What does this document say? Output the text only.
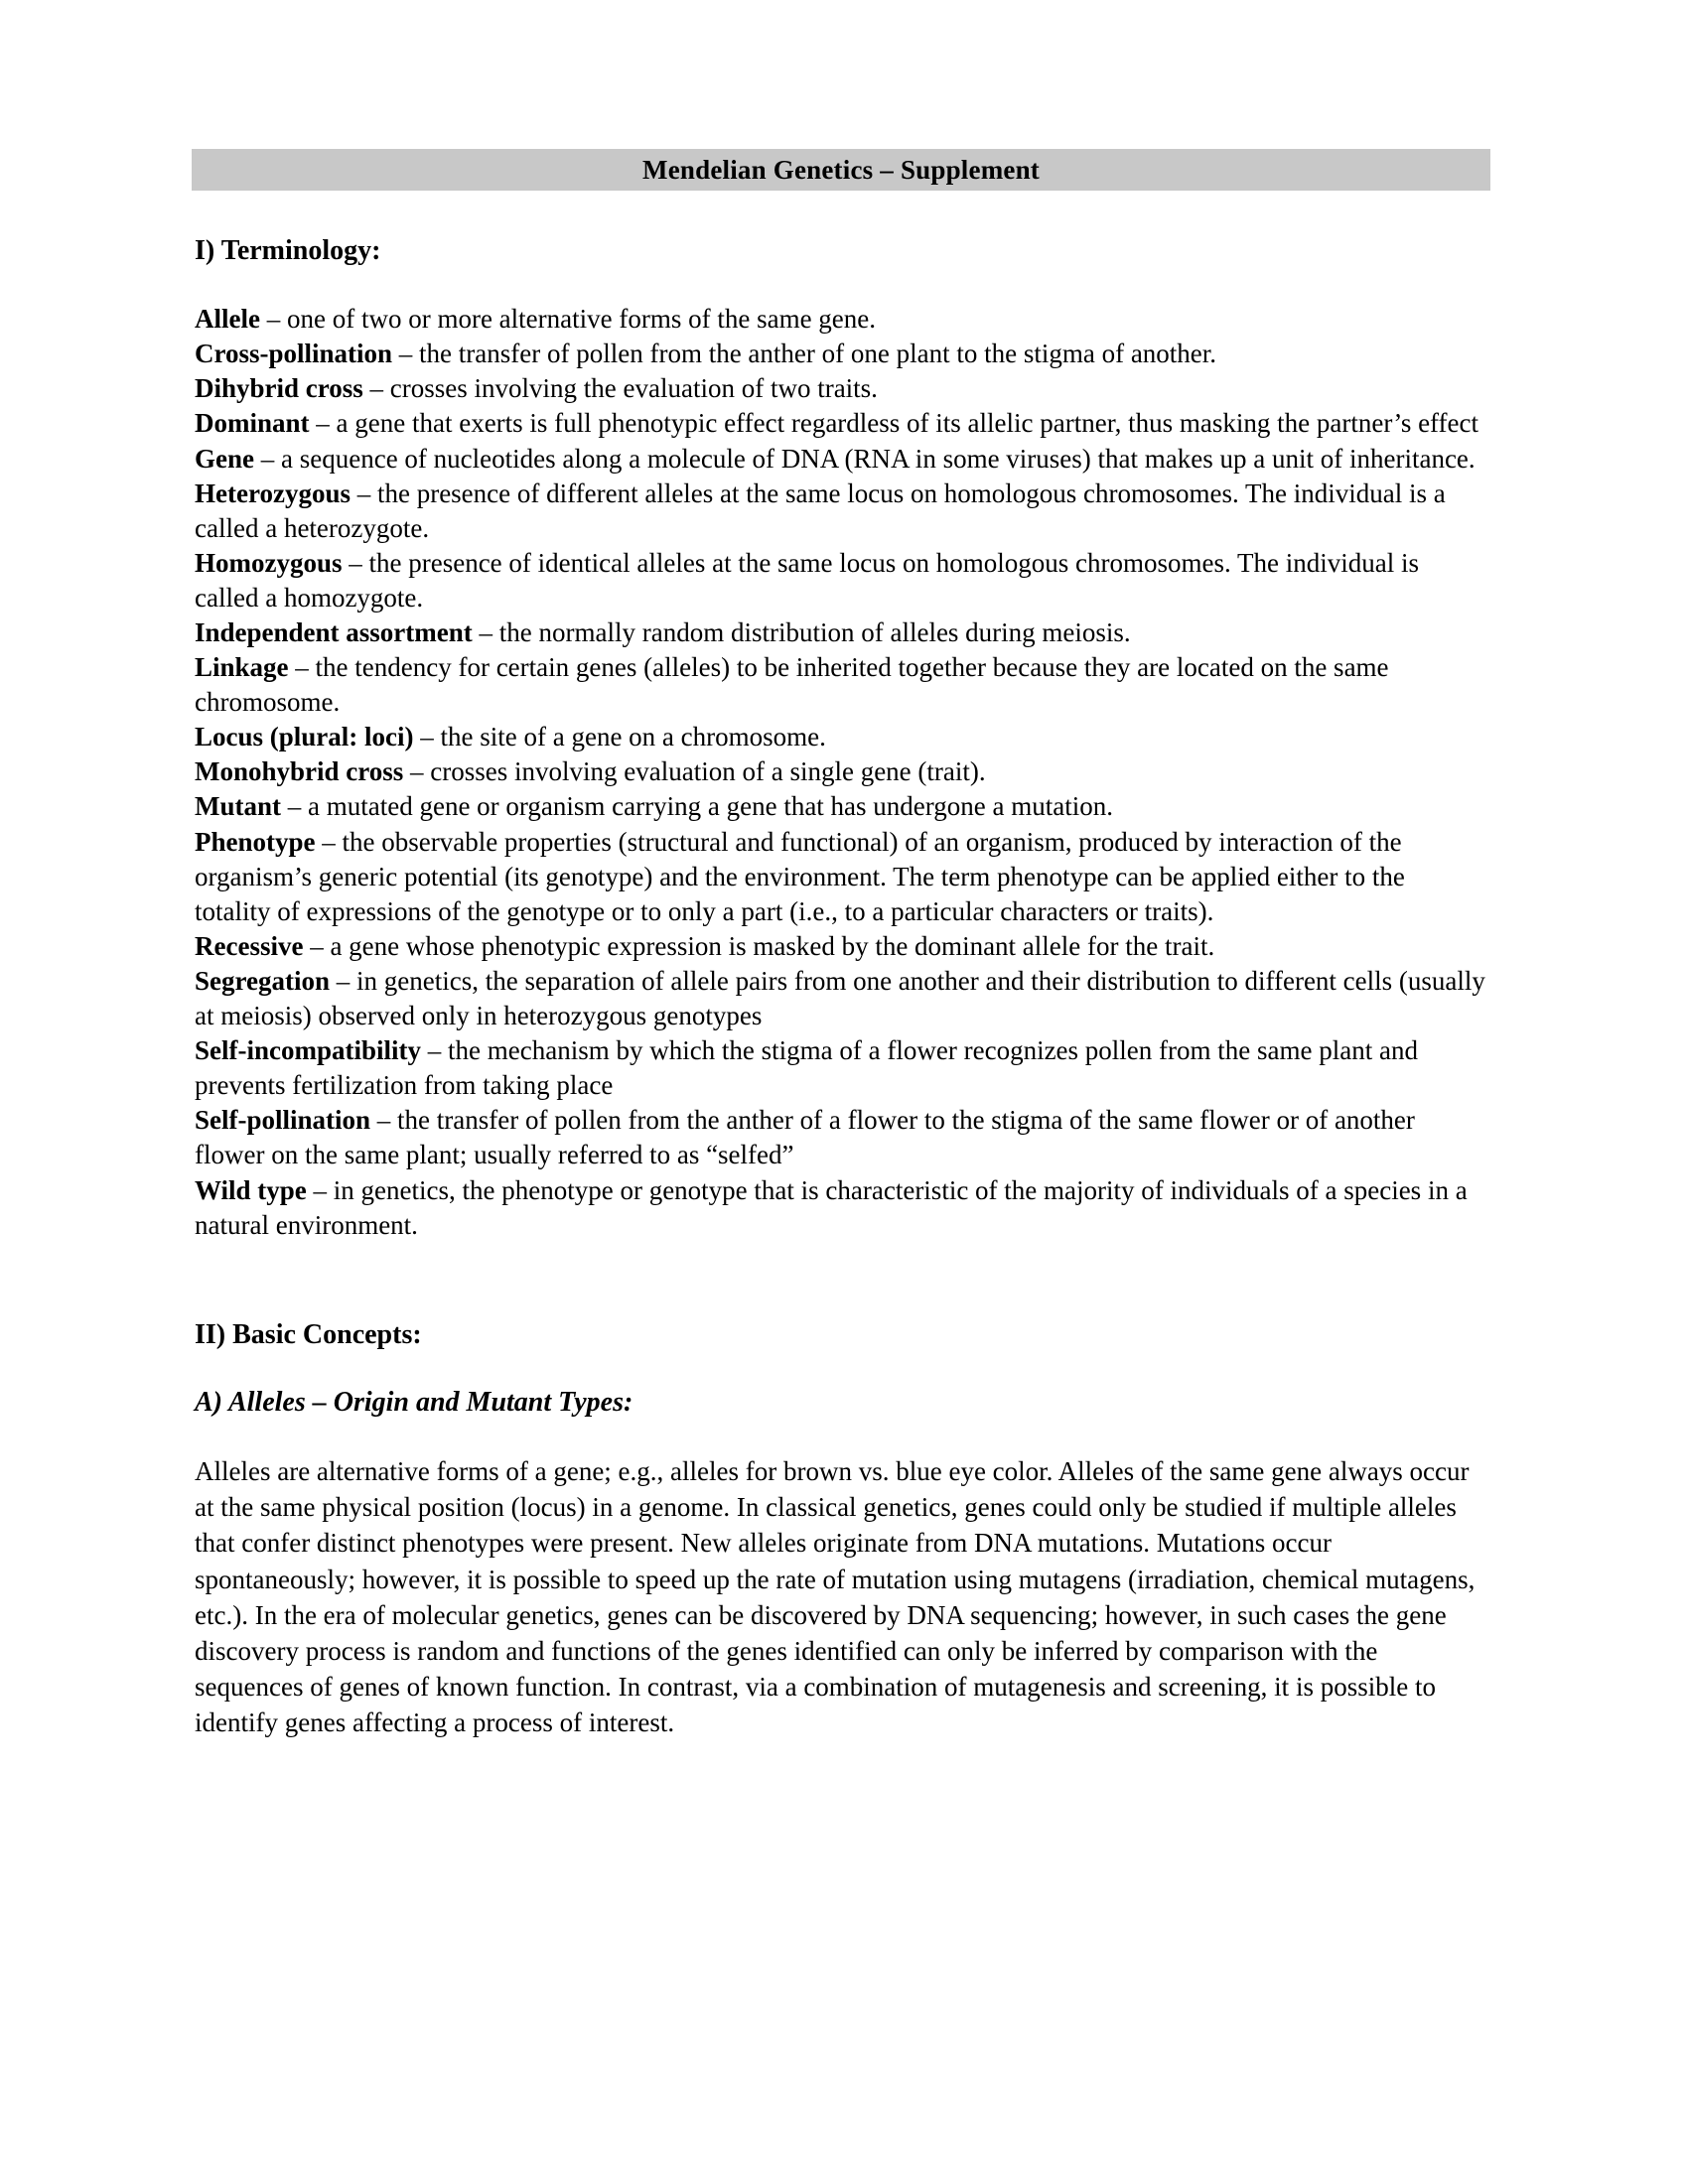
Mendelian Genetics – Supplement
I) Terminology:

Allele – one of two or more alternative forms of the same gene.

Cross-pollination – the transfer of pollen from the anther of one plant to the stigma of another.

Dihybrid cross – crosses involving the evaluation of two traits.

Dominant – a gene that exerts is full phenotypic effect regardless of its allelic partner, thus masking the partner’s effect

Gene – a sequence of nucleotides along a molecule of DNA (RNA in some viruses) that makes up a unit of inheritance.

Heterozygous – the presence of different alleles at the same locus on homologous chromosomes. The individual is a called a heterozygote.

Homozygous – the presence of identical alleles at the same locus on homologous chromosomes. The individual is called a homozygote.

Independent assortment – the normally random distribution of alleles during meiosis.

Linkage – the tendency for certain genes (alleles) to be inherited together because they are located on the same chromosome.

Locus (plural: loci) – the site of a gene on a chromosome.

Monohybrid cross – crosses involving evaluation of a single gene (trait).

Mutant – a mutated gene or organism carrying a gene that has undergone a mutation.

Phenotype – the observable properties (structural and functional) of an organism, produced by interaction of the organism’s generic potential (its genotype) and the environment. The term phenotype can be applied either to the totality of expressions of the genotype or to only a part (i.e., to a particular characters or traits).

Recessive – a gene whose phenotypic expression is masked by the dominant allele for the trait.

Segregation – in genetics, the separation of allele pairs from one another and their distribution to different cells (usually at meiosis) observed only in heterozygous genotypes

Self-incompatibility – the mechanism by which the stigma of a flower recognizes pollen from the same plant and prevents fertilization from taking place

Self-pollination – the transfer of pollen from the anther of a flower to the stigma of the same flower or of another flower on the same plant; usually referred to as “selfed”

Wild type – in genetics, the phenotype or genotype that is characteristic of the majority of individuals of a species in a natural environment.

II) Basic Concepts:
A) Alleles – Origin and Mutant Types:

Alleles are alternative forms of a gene; e.g., alleles for brown vs. blue eye color. Alleles of the same gene always occur at the same physical position (locus) in a genome. In classical genetics, genes could only be studied if multiple alleles that confer distinct phenotypes were present. New alleles originate from DNA mutations. Mutations occur spontaneously; however, it is possible to speed up the rate of mutation using mutagens (irradiation, chemical mutagens, etc.). In the era of molecular genetics, genes can be discovered by DNA sequencing; however, in such cases the gene discovery process is random and functions of the genes identified can only be inferred by comparison with the sequences of genes of known function. In contrast, via a combination of mutagenesis and screening, it is possible to identify genes affecting a process of interest.
